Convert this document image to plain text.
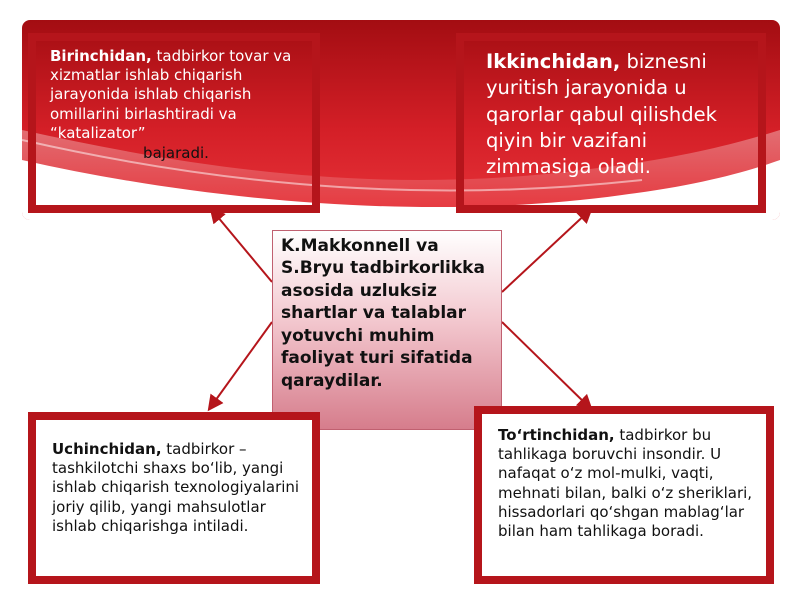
Birinchidan, tadbirkor tovar va xizmatlar ishlab chiqarish jarayonida ishlab chiqarish omillarini birlashtiradi va “katalizator”
bajaradi.
Ikkinchidan, biznesni yuritish jarayonida u qarorlar qabul qilishdek qiyin bir vazifani zimmasiga oladi.
K.Makkonnell va S.Bryu tadbirkorlikka asosida uzluksiz shartlar va talablar yotuvchi muhim faoliyat turi sifatida qaraydilar.
Uchinchidan, tadbirkor – tashkilotchi shaxs bo‘lib, yangi ishlab chiqarish texnologiyalarini joriy qilib, yangi mahsulotlar ishlab chiqarishga intiladi.
To‘rtinchidan, tadbirkor bu tahlikaga boruvchi insondir. U nafaqat o‘z mol-mulki, vaqti, mehnati bilan, balki o‘z sheriklari, hissadorlari qo‘shgan mablag‘lar bilan ham tahlikaga boradi.
